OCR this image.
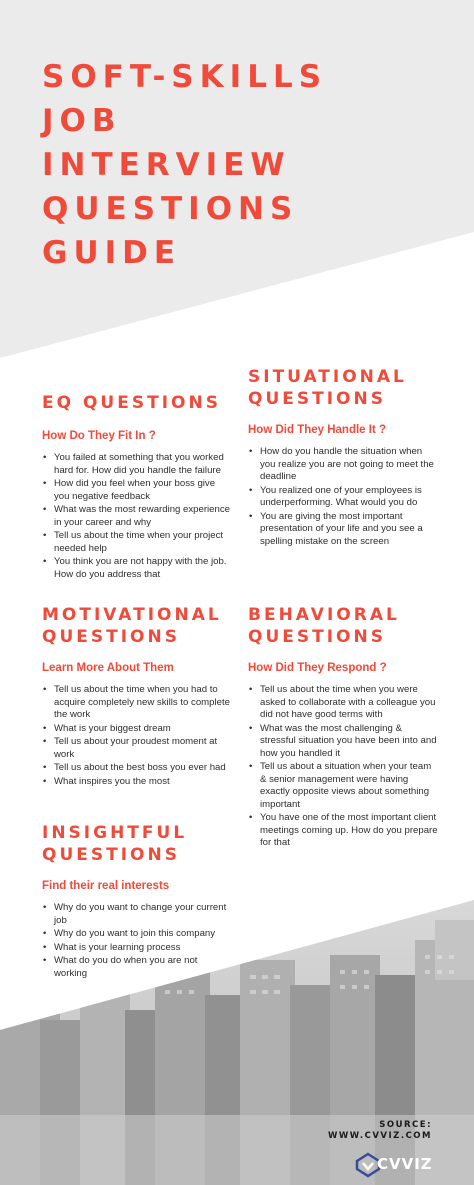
SOFT-SKILLS
JOB
INTERVIEW
QUESTIONS
GUIDE
EQ QUESTIONS
How Do They Fit In ?
• You failed at something that you worked hard for. How did you handle the failure
• How did you feel when your boss give you negative feedback
• What was the most rewarding experience in your career and why
• Tell us about the time when your project needed help
• You think you are not happy with the job. How do you address that
SITUATIONAL
QUESTIONS
How Did They Handle It ?
• How do you handle the situation when you realize you are not going to meet the deadline
• You realized one of your employees is underperforming. What would you do
• You are giving the most important presentation of your life and you see a spelling mistake on the screen
MOTIVATIONAL
QUESTIONS
Learn More About Them
• Tell us about the time when you had to acquire completely new skills to complete the work
• What is your biggest dream
• Tell us about your proudest moment at work
• Tell us about the best boss you ever had
• What inspires you the most
BEHAVIORAL
QUESTIONS
How Did They Respond ?
• Tell us about the time when you were asked to collaborate with a colleague you did not have good terms with
• What was the most challenging & stressful situation you have been into and how you handled it
• Tell us about a situation when your team & senior management were having exactly opposite views about something important
• You have one of the most important client meetings coming up. How do you prepare for that
INSIGHTFUL
QUESTIONS
Find their real interests
• Why do you want to change your current job
• Why do you want to join this company
• What is your learning process
• What do you do when you are not working
SOURCE:
WWW.CVVIZ.COM
CVVIZ
